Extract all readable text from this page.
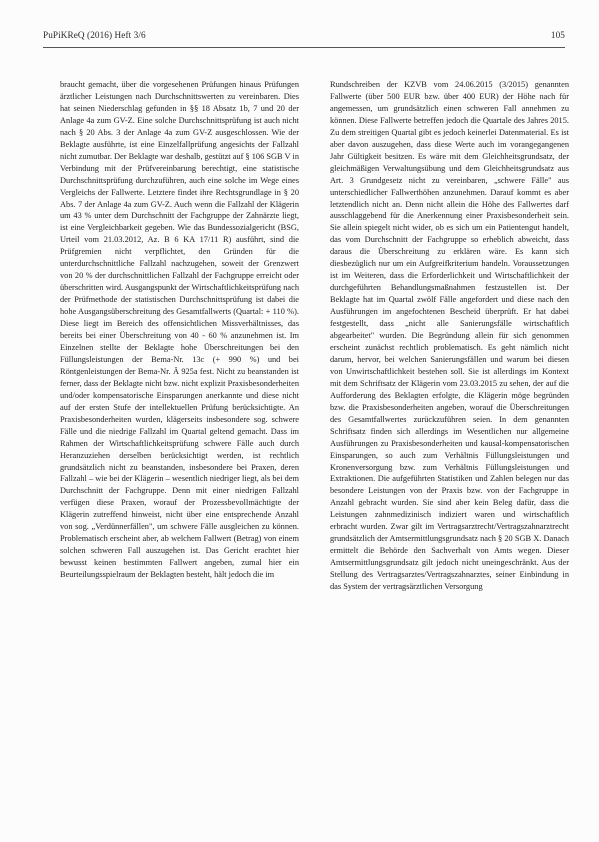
PuPiKReQ (2016) Heft 3/6	105

braucht gemacht, über die vorgesehenen Prüfungen hinaus Prüfungen ärztlicher Leistungen nach Durchschnittswerten zu vereinbaren. Dies hat seinen Niederschlag gefunden in §§ 18 Absatz 1b, 7 und 20 der Anlage 4a zum GV-Z. Eine solche Durchschnittsprüfung ist auch nicht nach § 20 Abs. 3 der Anlage 4a zum GV-Z ausgeschlossen. Wie der Beklagte ausführte, ist eine Einzelfallprüfung angesichts der Fallzahl nicht zumutbar. Der Beklagte war deshalb, gestützt auf § 106 SGB V in Verbindung mit der Prüfvereinbarung berechtigt, eine statistische Durchschnittsprüfung durchzuführen, auch eine solche im Wege eines Vergleichs der Fallwerte. Letztere findet ihre Rechtsgrundlage in § 20 Abs. 7 der Anlage 4a zum GV-Z. Auch wenn die Fallzahl der Klägerin um 43 % unter dem Durchschnitt der Fachgruppe der Zahnärzte liegt, ist eine Vergleichbarkeit gegeben. Wie das Bundessozialgericht (BSG, Urteil vom 21.03.2012, Az. B 6 KA 17/11 R) ausführt, sind die Prüfgremien nicht verpflichtet, den Gründen für die unterdurchschnittliche Fallzahl nachzugehen, soweit der Grenzwert von 20 % der durchschnittlichen Fallzahl der Fachgruppe erreicht oder überschritten wird. Ausgangspunkt der Wirtschaftlichkeitsprüfung nach der Prüfmethode der statistischen Durchschnittsprüfung ist dabei die hohe Ausgangsüberschreitung des Gesamtfallwerts (Quartal: + 110 %). Diese liegt im Bereich des offensichtlichen Missverhältnisses, das bereits bei einer Überschreitung von 40 - 60 % anzunehmen ist. Im Einzelnen stellte der Beklagte hohe Überschreitungen bei den Füllungsleistungen der Bema-Nr. 13c (+ 990 %) und bei Röntgenleistungen der Bema-Nr. Ä 925a fest. Nicht zu beanstanden ist ferner, dass der Beklagte nicht bzw. nicht explizit Praxisbesonderheiten und/oder kompensatorische Einsparungen anerkannte und diese nicht auf der ersten Stufe der intellektuellen Prüfung berücksichtigte. An Praxisbesonderheiten wurden, klägerseits insbesondere sog. schwere Fälle und die niedrige Fallzahl im Quartal geltend gemacht. Dass im Rahmen der Wirtschaftlichkeitsprüfung schwere Fälle auch durch Heranzuziehen derselben berücksichtigt werden, ist rechtlich grundsätzlich nicht zu beanstanden, insbesondere bei Praxen, deren Fallzahl – wie bei der Klägerin – wesentlich niedriger liegt, als bei dem Durchschnitt der Fachgruppe. Denn mit einer niedrigen Fallzahl verfügen diese Praxen, worauf der Prozessbevollmächtigte der Klägerin zutreffend hinweist, nicht über eine entsprechende Anzahl von sog. „Verdünnerfällen", um schwere Fälle ausgleichen zu können. Problematisch erscheint aber, ab welchem Fallwert (Betrag) von einem solchen schweren Fall auszugehen ist. Das Gericht erachtet hier bewusst keinen bestimmten Fallwert angeben, zumal hier ein Beurteilungsspielraum der Beklagten besteht, hält jedoch die im

Rundschreiben der KZVB vom 24.06.2015 (3/2015) genannten Fallwerte (über 500 EUR bzw. über 400 EUR) der Höhe nach für angemessen, um grundsätzlich einen schweren Fall annehmen zu können. Diese Fallwerte betreffen jedoch die Quartale des Jahres 2015. Zu dem streitigen Quartal gibt es jedoch keinerlei Datenmaterial. Es ist aber davon auszugehen, dass diese Werte auch im vorangegangenen Jahr Gültigkeit besitzen. Es wäre mit dem Gleichheitsgrundsatz, der gleichmäßigen Verwaltungsübung und dem Gleichheitsgrundsatz aus Art. 3 Grundgesetz nicht zu vereinbaren, „schwere Fälle" aus unterschiedlicher Fallwerthöhen anzunehmen. Darauf kommt es aber letztendlich nicht an. Denn nicht allein die Höhe des Fallwertes darf ausschlaggebend für die Anerkennung einer Praxisbesonderheit sein. Sie allein spiegelt nicht wider, ob es sich um ein Patientengut handelt, das vom Durchschnitt der Fachgruppe so erheblich abweicht, dass daraus die Überschreitung zu erklären wäre. Es kann sich diesbezüglich nur um ein Aufgreifkriterium handeln. Voraussetzungen ist im Weiteren, dass die Erforderlichkeit und Wirtschaftlichkeit der durchgeführten Behandlungsmaßnahmen festzustellen ist. Der Beklagte hat im Quartal zwölf Fälle angefordert und diese nach den Ausführungen im angefochtenen Bescheid überprüft. Er hat dabei festgestellt, dass „nicht alle Sanierungsfälle wirtschaftlich abgearbeitet" wurden. Die Begründung allein für sich genommen erscheint zunächst rechtlich problematisch. Es geht nämlich nicht darum, hervor, bei welchen Sanierungsfällen und warum bei diesen von Unwirtschaftlichkeit bestehen soll. Sie ist allerdings im Kontext mit dem Schriftsatz der Klägerin vom 23.03.2015 zu sehen, der auf die Aufforderung des Beklagten erfolgte, die Klägerin möge begründen bzw. die Praxisbesonderheiten angeben, worauf die Überschreitungen des Gesamtfallwertes zurückzuführen seien. In dem genannten Schriftsatz finden sich allerdings im Wesentlichen nur allgemeine Ausführungen zu Praxisbesonderheiten und kausal-kompensatorischen Einsparungen, so auch zum Verhältnis Füllungsleistungen und Kronenversorgung bzw. zum Verhältnis Füllungsleistungen und Extraktionen. Die aufgeführten Statistiken und Zahlen belegen nur das besondere Leistungen von der Praxis bzw. von der Fachgruppe in Anzahl gebracht wurden. Sie sind aber kein Beleg dafür, dass die Leistungen zahnmedizinisch indiziert waren und wirtschaftlich erbracht wurden. Zwar gilt im Vertragsarztrecht/Vertragszahnarztrecht grundsätzlich der Amtsermittlungsgrundsatz nach § 20 SGB X. Danach ermittelt die Behörde den Sachverhalt von Amts wegen. Dieser Amtsermittlungsgrundsatz gilt jedoch nicht uneingeschränkt. Aus der Stellung des Vertragsarztes/Vertragszahnarztes, seiner Einbindung in das System der vertragsärztlichen Versorgung
